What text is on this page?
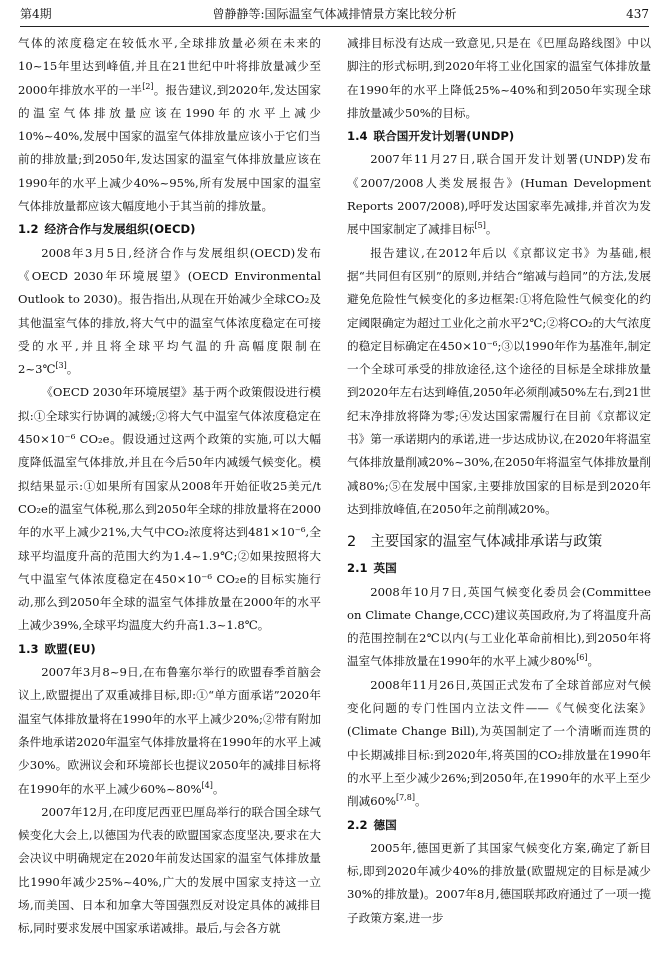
第4期	曾静静等:国际温室气体减排情景方案比较分析	437

气体的浓度稳定在较低水平,全球排放量必须在未来的10~15年里达到峰值,并且在21世纪中叶将排放量减少至2000年排放水平的一半[2]。报告建议,到2020年,发达国家的温室气体排放量应该在1990年的水平上减少10%~40%,发展中国家的温室气体排放量应该小于它们当前的排放量;到2050年,发达国家的温室气体排放量应该在1990年的水平上减少40%~95%,所有发展中国家的温室气体排放量都应该大幅度地小于其当前的排放量。

1.2 经济合作与发展组织(OECD)

2008年3月5日,经济合作与发展组织(OECD)发布《OECD 2030年环境展望》(OECD Environmental Outlook to 2030)。报告指出,从现在开始减少全球CO₂及其他温室气体的排放,将大气中的温室气体浓度稳定在可接受的水平,并且将全球平均气温的升高幅度限制在2~3℃[3]。

《OECD 2030年环境展望》基于两个政策假设进行模拟:①全球实行协调的减缓;②将大气中温室气体浓度稳定在450×10⁻⁶ CO₂e。假设通过这两个政策的实施,可以大幅度降低温室气体排放,并且在今后50年内减缓气候变化。模拟结果显示:①如果所有国家从2008年开始征收25美元/t CO₂e的温室气体税,那么到2050年全球的排放量将在2000年的水平上减少21%,大气中CO₂浓度将达到481×10⁻⁶,全球平均温度升高的范围大约为1.4~1.9℃;②如果按照将大气中温室气体浓度稳定在450×10⁻⁶ CO₂e的目标实施行动,那么到2050年全球的温室气体排放量在2000年的水平上减少39%,全球平均温度大约升高1.3~1.8℃。

1.3 欧盟(EU)

2007年3月8~9日,在布鲁塞尔举行的欧盟春季首脑会议上,欧盟提出了双重减排目标,即:①“单方面承诺”2020年温室气体排放量将在1990年的水平上减少20%;②带有附加条件地承诺2020年温室气体排放量将在1990年的水平上减少30%。欧洲议会和环境部长也提议2050年的减排目标将在1990年的水平上减少60%~80%[4]。

2007年12月,在印度尼西亚巴厘岛举行的联合国全球气候变化大会上,以德国为代表的欧盟国家态度坚决,要求在大会决议中明确规定在2020年前发达国家的温室气体排放量比1990年减少25%~40%,广大的发展中国家支持这一立场,而美国、日本和加拿大等国强烈反对设定具体的减排目标,同时要求发展中国家承诺减排。最后,与会各方就

减排目标没有达成一致意见,只是在《巴厘岛路线图》中以脚注的形式标明,到2020年将工业化国家的温室气体排放量在1990年的水平上降低25%~40%和到2050年实现全球排放量减少50%的目标。

1.4 联合国开发计划署(UNDP)

2007年11月27日,联合国开发计划署(UNDP)发布《2007/2008人类发展报告》(Human Development Reports 2007/2008),呼吁发达国家率先减排,并首次为发展中国家制定了减排目标[5]。

报告建议,在2012年后以《京都议定书》为基础,根据“共同但有区别”的原则,并结合“缩减与趋同”的方法,发展避免危险性气候变化的多边框架:①将危险性气候变化的约定阈限确定为超过工业化之前水平2℃;②将CO₂的大气浓度的稳定目标确定在450×10⁻⁶;③以1990年作为基准年,制定一个全球可承受的排放途径,这个途径的目标是全球排放量到2020年左右达到峰值,2050年必须削减50%左右,到21世纪末净排放将降为零;④发达国家需履行在目前《京都议定书》第一承诺期内的承诺,进一步达成协议,在2020年将温室气体排放量削减20%~30%,在2050年将温室气体排放量削减80%;⑤在发展中国家,主要排放国家的目标是到2020年达到排放峰值,在2050年之前削减20%。

2 主要国家的温室气体减排承诺与政策
2.1 英国

2008年10月7日,英国气候变化委员会(Committee on Climate Change,CCC)建议英国政府,为了将温度升高的范围控制在2℃以内(与工业化革命前相比),到2050年将温室气体排放量在1990年的水平上减少80%[6]。

2008年11月26日,英国正式发布了全球首部应对气候变化问题的专门性国内立法文件——《气候变化法案》(Climate Change Bill),为英国制定了一个清晰而连贯的中长期减排目标:到2020年,将英国的CO₂排放量在1990年的水平上至少减少26%;到2050年,在1990年的水平上至少削减60%[7,8]。

2.2 德国

2005年,德国更新了其国家气候变化方案,确定了新目标,即到2020年减少40%的排放量(欧盟规定的目标是减少30%的排放量)。2007年8月,德国联邦政府通过了一项一揽子政策方案,进一步
